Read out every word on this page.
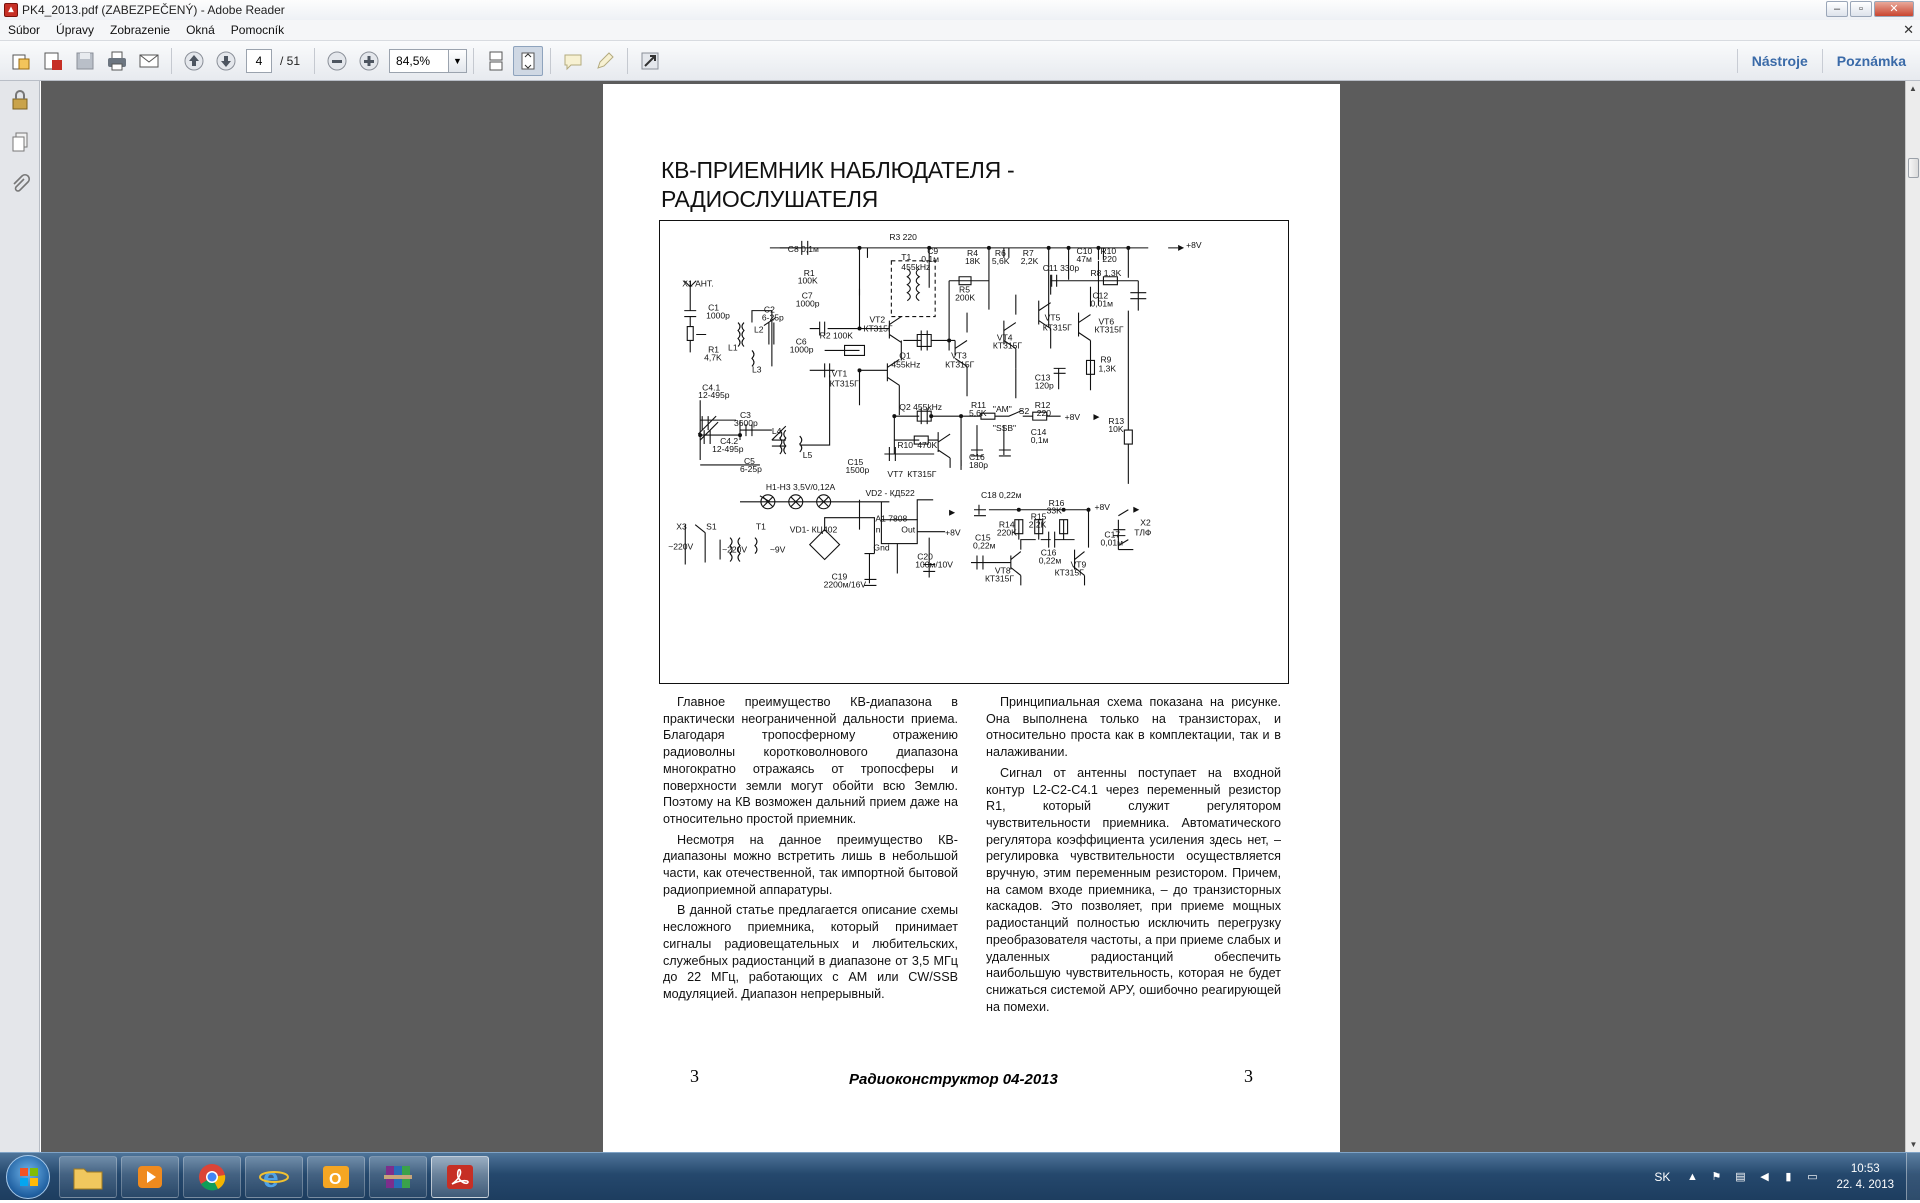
▴ PK4_2013.pdf (ZABEZPEČENÝ) - Adobe Reader	–	▫	✕
Súbor	Úpravy	Zobrazenie	Okná	Pomocník	✕
4	/ 51	84,5%	▼	Nástroje	Poznámka
▲
▼
КВ-ПРИЕМНИК НАБЛЮДАТЕЛЯ -
РАДИОСЛУШАТЕЛЯ
R3 220
C8 0,1м	C9
0,1м
R4
18K
R6
5,6K
R7
2,2K
C10
47м
R10
220
+8V
T1
455kHz
R1
100K
C11 330р R8 1,3K
X1 АНТ.
R5
200K
C7
1000р
C12
0,01м
C1
1000р
C2
6-25р	VT2
КТ315Г
VT5
КТ315Г
VT6
КТ315Г
L2
R2 100K	VT4
КТ315Г
R1
4,7K
L1
C6
1000р
Q1
455kHz
VT3
КТ315Г	R9
1,3K
L3	VT1
КТ315Г
C13
120р
C4.1
12-495р
Q2 455kHz	R11
5,6K "AM" S2
R12
220 +8V
C3
3600р	"SSB"
R13
10K
L4
C4.2
12-495р	R10 470K
C14
0,1м
C5
6-25р
L5
C15
1500р
C16
180р
VT7 КТ315Г
H1-H3 3,5V/0,12A
VD2 - КД522	C18 0,22м
R16
33K	+8V
X3 S1	T1	VD1- КЦ402
A1 7808
In Out
Gnd
+8V
~220V	~220V	~9V
R14
220K
R15
2,2K	X2
ТЛФ
C17
0,01м
C15
0,22м
C16
0,22м
C20
100м/10V
C19
2200м/16V
VT8
КТ315Г
VT9
КТ315Г

Главное преимущество КВ-диапазона в практически неограниченной дальности приема. Благодаря тропосферному отражению радиоволны коротковолнового диапазона многократно отражаясь от тропосферы и поверхности земли могут обойти всю Землю. Поэтому на КВ возможен дальний прием даже на относительно простой приемник.

Несмотря на данное преимущество КВ-диапазоны можно встретить лишь в небольшой части, как отечественной, так импортной бытовой радиоприемной аппаратуры.

В данной статье предлагается описание схемы несложного приемника, который принимает сигналы радиовещательных и любительских, служебных радиостанций в диапазоне от 3,5 МГц до 22 МГц, работающих с АМ или CW/SSB модуляцией. Диапазон непрерывный.

Принципиальная схема показана на рисунке. Она выполнена только на транзисторах, и относительно проста как в комплектации, так и в налаживании.

Сигнал от антенны поступает на входной контур L2-C2-C4.1 через переменный резистор R1, который служит регулятором чувствительности приемника. Автоматического регулятора коэффициента усиления здесь нет, – регулировка чувствительности осуществляется вручную, этим переменным резистором. Причем, на самом входе приемника, – до транзисторных каскадов. Это позволяет, при приеме мощных радиостанций полностью исключить перегрузку преобразователя частоты, а при приеме слабых и удаленных радиостанций обеспечить наибольшую чувствительность, которая не будет снижаться системой АРУ, ошибочно реагирующей на помехи.

3	Радиоконструктор 04-2013	3
e	O	SK ▲ ⚑ ▤	◀	▮	▭
10:53
22. 4. 2013
